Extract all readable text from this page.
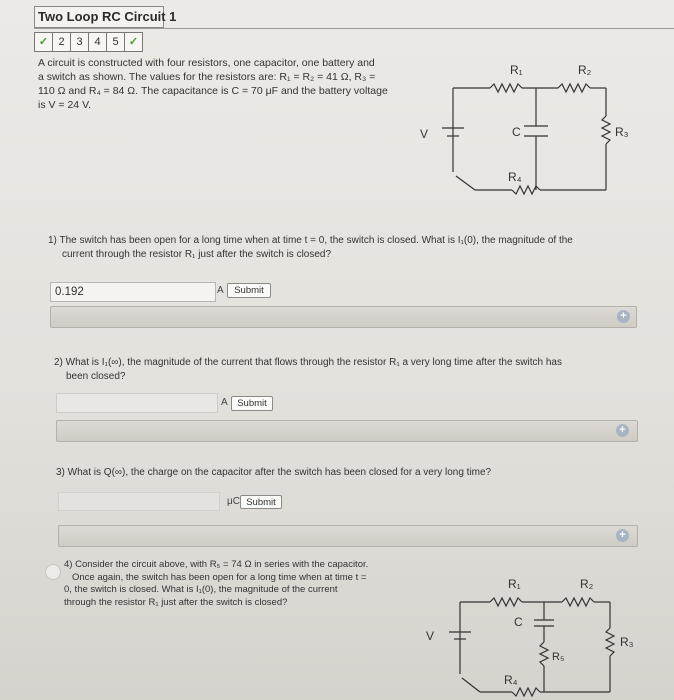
Two Loop RC Circuit 1
✓ 2	3	4	5 ✓
A circuit is constructed with four resistors, one capacitor, one battery and
a switch as shown. The values for the resistors are: R₁ = R₂ = 41 Ω, R₃ =
110 Ω and R₄ = 84 Ω. The capacitance is C = 70 μF and the battery voltage
is V = 24 V.
R₁	R₂
R₃
R₄
V	C
1) The switch has been open for a long time when at time t = 0, the switch is closed. What is I₁(0), the magnitude of the
current through the resistor R₁ just after the switch is closed?
0.192	A	Submit
+
2) What is I₁(∞), the magnitude of the current that flows through the resistor R₁ a very long time after the switch has
been closed?
A	Submit
+
3) What is Q(∞), the charge on the capacitor after the switch has been closed for a very long time?
μC Submit
+
4) Consider the circuit above, with R₅ = 74 Ω in series with the capacitor.
Once again, the switch has been open for a long time when at time t =
0, the switch is closed. What is I₁(0), the magnitude of the current
through the resistor R₁ just after the switch is closed?
R₁	R₂
R₃
R₄
R₅
V
C
